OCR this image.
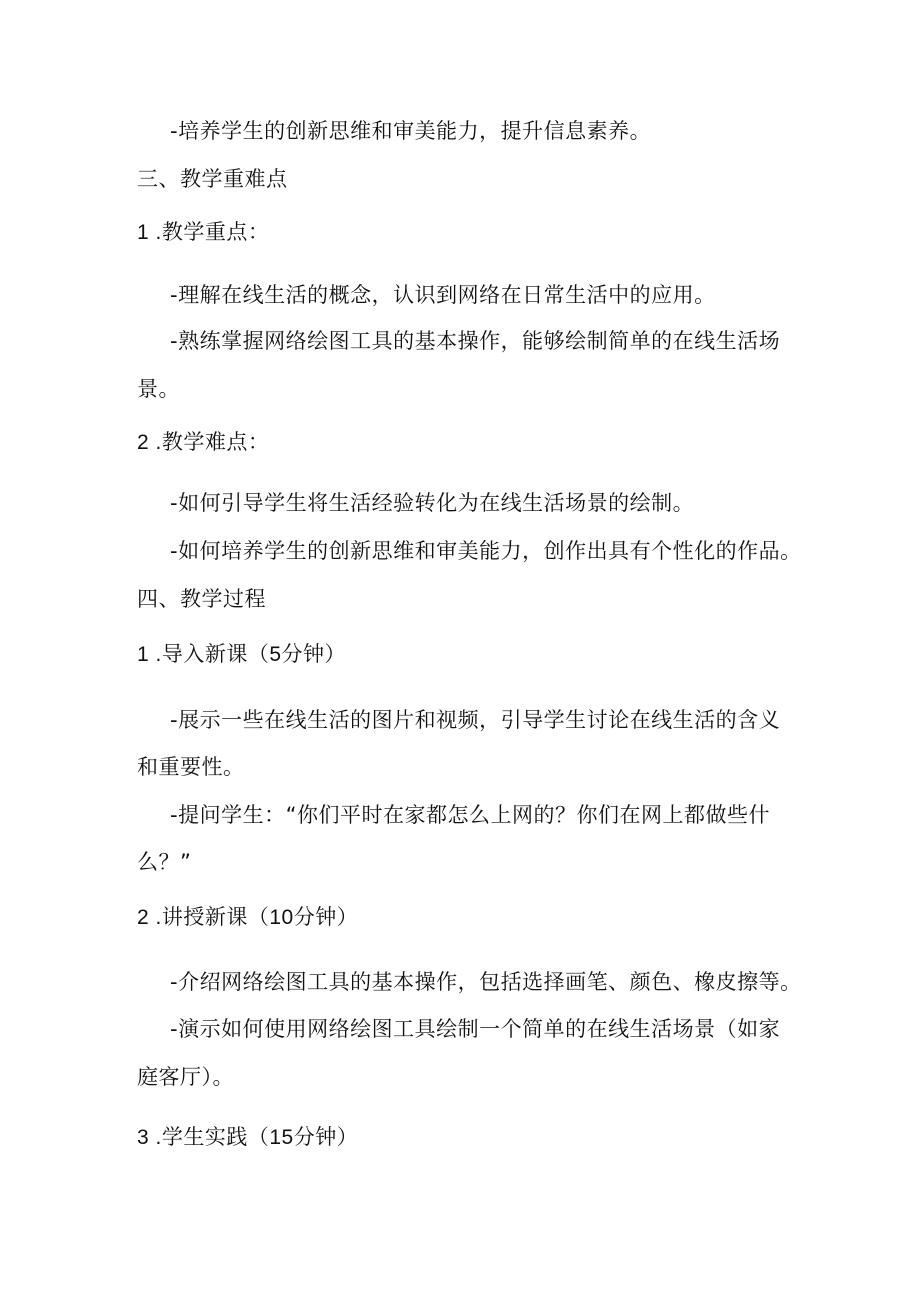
-培养学生的创新思维和审美能力，提升信息素养。
三、教学重难点
1 .教学重点：
-理解在线生活的概念，认识到网络在日常生活中的应用。
-熟练掌握网络绘图工具的基本操作，能够绘制简单的在线生活场
景。
2 .教学难点：
-如何引导学生将生活经验转化为在线生活场景的绘制。
-如何培养学生的创新思维和审美能力，创作出具有个性化的作品。
四、教学过程
1 .导入新课（5分钟）
-展示一些在线生活的图片和视频，引导学生讨论在线生活的含义
和重要性。
-提问学生：“你们平时在家都怎么上网的？你们在网上都做些什
么？”
2 .讲授新课（10分钟）
-介绍网络绘图工具的基本操作，包括选择画笔、颜色、橡皮擦等。
-演示如何使用网络绘图工具绘制一个简单的在线生活场景（如家
庭客厅）。
3 .学生实践（15分钟）
